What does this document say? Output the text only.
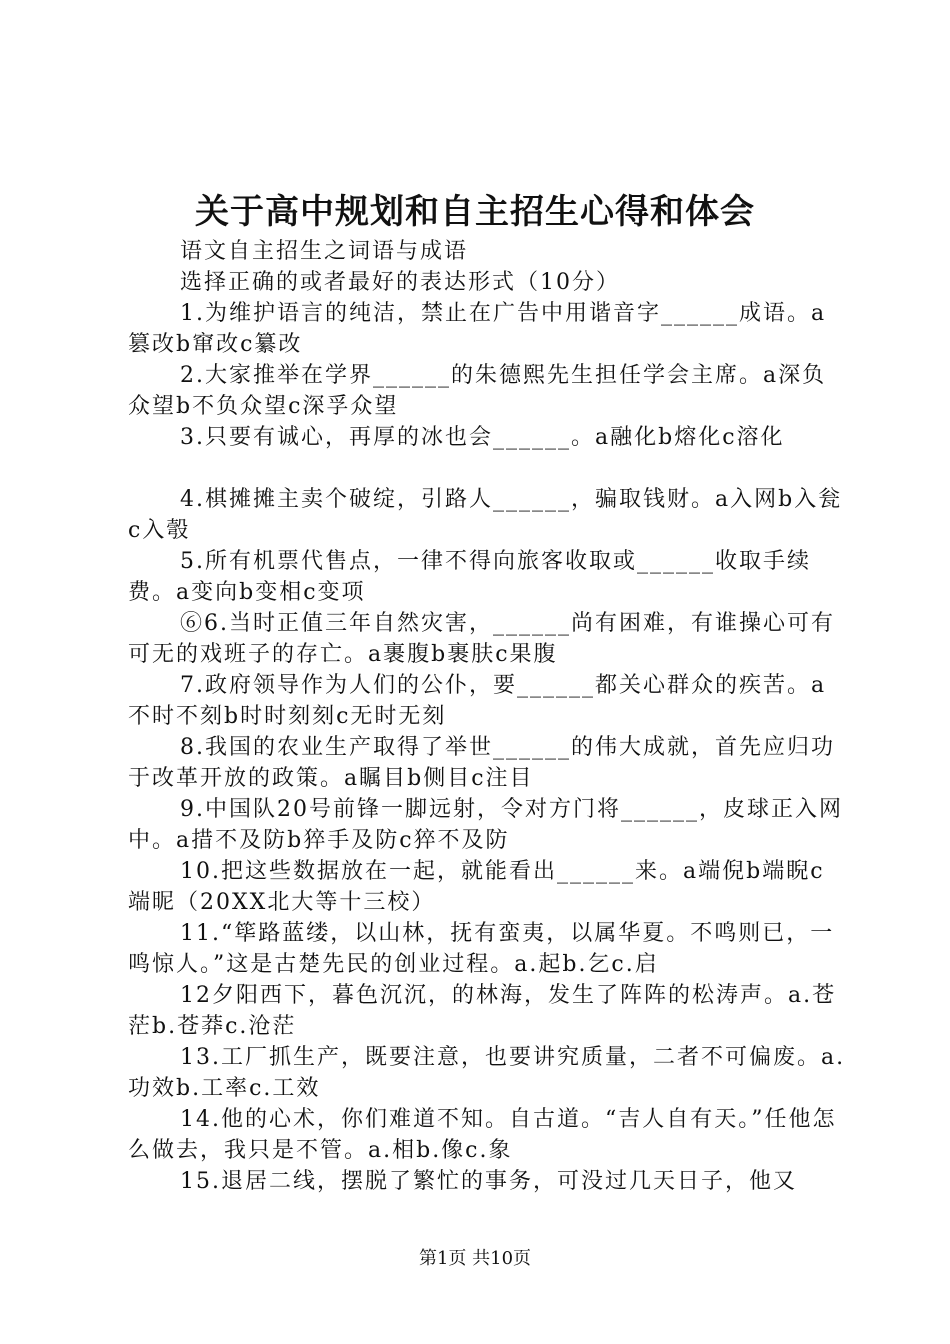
关于高中规划和自主招生心得和体会

语文自主招生之词语与成语

选择正确的或者最好的表达形式（10分）

1.为维护语言的纯洁，禁止在广告中用谐音字______成语。a篡改b窜改c纂改

2.大家推举在学界______的朱德熙先生担任学会主席。a深负众望b不负众望c深孚众望

3.只要有诚心，再厚的冰也会______。a融化b熔化c溶化

4.棋摊摊主卖个破绽，引路人______，骗取钱财。a入网b入瓮c入彀

5.所有机票代售点，一律不得向旅客收取或______收取手续费。a变向b变相c变项

⑥6.当时正值三年自然灾害，______尚有困难，有谁操心可有可无的戏班子的存亡。a裹腹b裹肤c果腹

7.政府领导作为人们的公仆，要______都关心群众的疾苦。a不时不刻b时时刻刻c无时无刻

8.我国的农业生产取得了举世______的伟大成就，首先应归功于改革开放的政策。a瞩目b侧目c注目

9.中国队20号前锋一脚远射，令对方门将______，皮球正入网中。a措不及防b猝手及防c猝不及防

10.把这些数据放在一起，就能看出______来。a端倪b端睨c端昵（20XX北大等十三校）

11.“筚路蓝缕，以山林，抚有蛮夷，以属华夏。不鸣则已，一鸣惊人。”这是古楚先民的创业过程。a.起b.乞c.启

12夕阳西下，暮色沉沉，的林海，发生了阵阵的松涛声。a.苍茫b.苍莽c.沧茫

13.工厂抓生产，既要注意，也要讲究质量，二者不可偏废。a.功效b.工率c.工效

14.他的心术，你们难道不知。自古道。“吉人自有天。”任他怎么做去，我只是不管。a.相b.像c.象

15.退居二线，摆脱了繁忙的事务，可没过几天日子，他又

第1页 共10页
